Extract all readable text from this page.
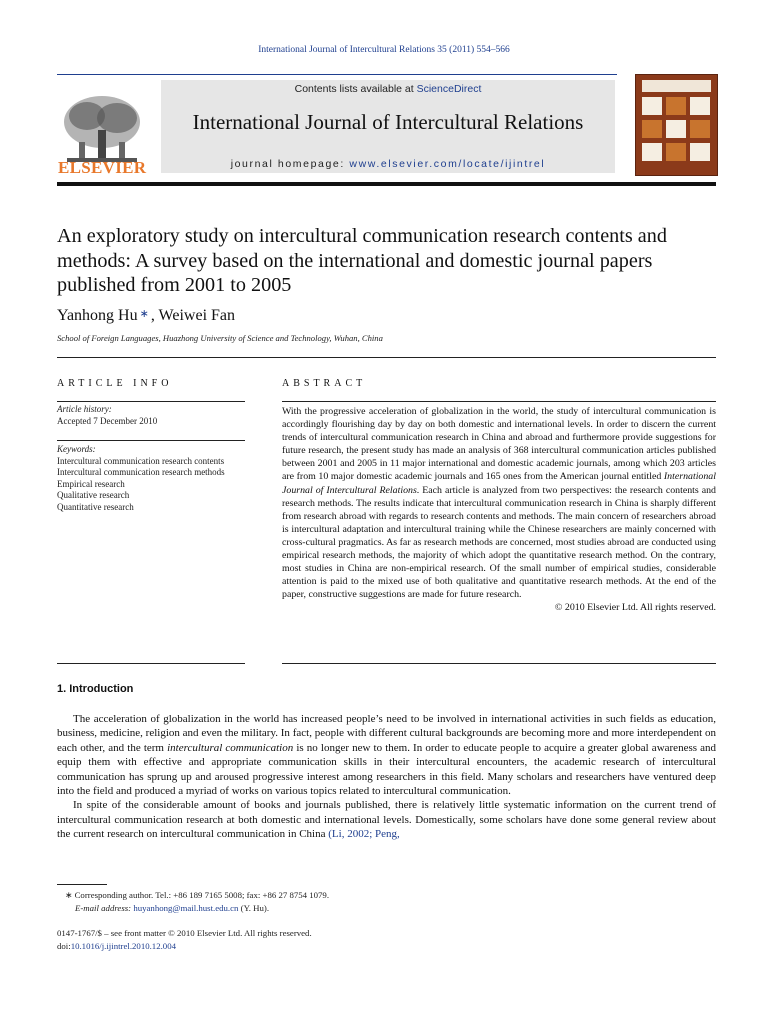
International Journal of Intercultural Relations 35 (2011) 554–566
ELSEVIER
Contents lists available at ScienceDirect
International Journal of Intercultural Relations
journal homepage: www.elsevier.com/locate/ijintrel
An exploratory study on intercultural communication research contents and methods: A survey based on the international and domestic journal papers published from 2001 to 2005
Yanhong Hu ∗ , Weiwei Fan
School of Foreign Languages, Huazhong University of Science and Technology, Wuhan, China
ARTICLE INFO
Article history:
Accepted 7 December 2010
Keywords:
Intercultural communication research contents
Intercultural communication research methods
Empirical research
Qualitative research
Quantitative research
ABSTRACT

With the progressive acceleration of globalization in the world, the study of intercultural communication is accordingly flourishing day by day on both domestic and international levels. In order to discern the current trends of intercultural communication research in China and abroad and furthermore provide suggestions for future research, the present study has made an analysis of 368 intercultural communication articles published between 2001 and 2005 in 11 major international and domestic academic journals, among which 203 articles are from 10 major domestic academic journals and 165 ones from the American journal entitled International Journal of Intercultural Relations. Each article is analyzed from two perspectives: the research contents and research methods. The results indicate that intercultural communication research in China is sharply different from research abroad with regards to research contents and methods. The main concern of researchers abroad is intercultural adaptation and intercultural training while the Chinese researchers are mainly concerned with cross-cultural pragmatics. As far as research methods are concerned, most studies abroad are conducted using empirical research methods, the majority of which adopt the quantitative research method. On the contrary, most studies in China are non-empirical research. Of the small number of empirical studies, considerable attention is paid to the mixed use of both qualitative and quantitative research methods. At the end of the paper, constructive suggestions are made for future research.

© 2010 Elsevier Ltd. All rights reserved.

1. Introduction

The acceleration of globalization in the world has increased people’s need to be involved in international activities in such fields as education, business, medicine, religion and even the military. In fact, people with different cultural backgrounds are becoming more and more interdependent on each other, and the term intercultural communication is no longer new to them. In order to educate people to acquire a greater global awareness and equip them with effective and appropriate communication skills in their intercultural encounters, the academic research of intercultural communication has sprung up and aroused progressive interest among researchers in this field. Many scholars and researchers have ventured deep into the field and produced a myriad of works on various topics related to intercultural communication.

In spite of the considerable amount of books and journals published, there is relatively little systematic information on the current trend of intercultural communication research at both domestic and international levels. Domestically, some scholars have done some general review about the current research on intercultural communication in China (Li, 2002; Peng,

∗ Corresponding author. Tel.: +86 189 7165 5008; fax: +86 27 8754 1079.
E-mail address: huyanhong@mail.hust.edu.cn (Y. Hu).
0147-1767/$ – see front matter © 2010 Elsevier Ltd. All rights reserved.
doi:10.1016/j.ijintrel.2010.12.004
